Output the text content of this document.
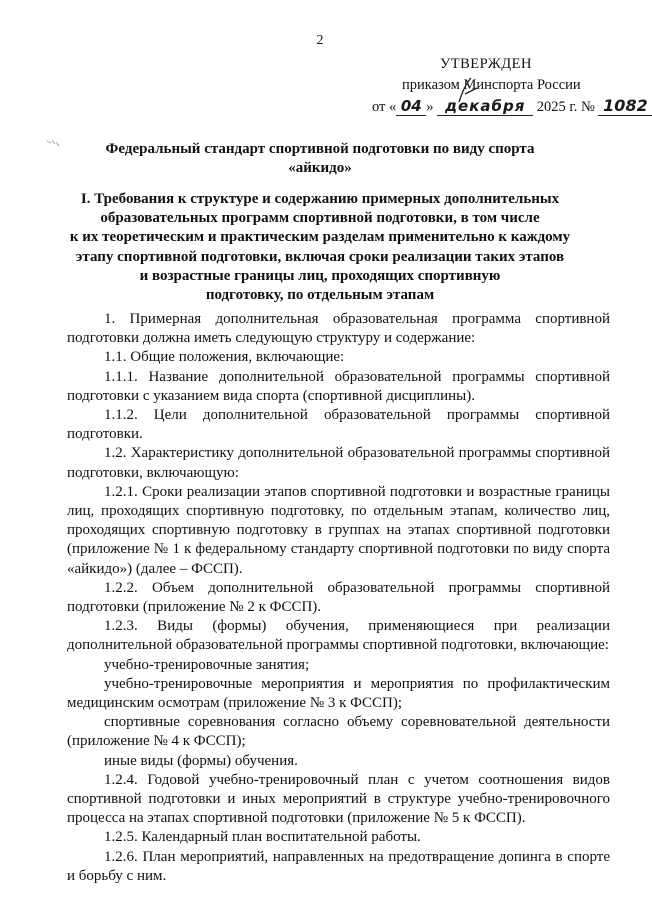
2
УТВЕРЖДЕН
приказом Минспорта России
от « 04 » декабря 2025 г. № 1082
Федеральный стандарт спортивной подготовки по виду спорта
«айкидо»
I. Требования к структуре и содержанию примерных дополнительных
образовательных программ спортивной подготовки, в том числе
к их теоретическим и практическим разделам применительно к каждому
этапу спортивной подготовки, включая сроки реализации таких этапов
и возрастные границы лиц, проходящих спортивную
подготовку, по отдельным этапам

1. Примерная дополнительная образовательная программа спортивной подготовки должна иметь следующую структуру и содержание:

1.1. Общие положения, включающие:

1.1.1. Название дополнительной образовательной программы спортивной подготовки с указанием вида спорта (спортивной дисциплины).

1.1.2. Цели дополнительной образовательной программы спортивной подготовки.

1.2. Характеристику дополнительной образовательной программы спортивной подготовки, включающую:

1.2.1. Сроки реализации этапов спортивной подготовки и возрастные границы лиц, проходящих спортивную подготовку, по отдельным этапам, количество лиц, проходящих спортивную подготовку в группах на этапах спортивной подготовки (приложение № 1 к федеральному стандарту спортивной подготовки по виду спорта «айкидо») (далее – ФССП).

1.2.2. Объем дополнительной образовательной программы спортивной подготовки (приложение № 2 к ФССП).

1.2.3. Виды (формы) обучения, применяющиеся при реализации дополнительной образовательной программы спортивной подготовки, включающие:

учебно-тренировочные занятия;

учебно-тренировочные мероприятия и мероприятия по профилактическим медицинским осмотрам (приложение № 3 к ФССП);

спортивные соревнования согласно объему соревновательной деятельности (приложение № 4 к ФССП);

иные виды (формы) обучения.

1.2.4. Годовой учебно-тренировочный план с учетом соотношения видов спортивной подготовки и иных мероприятий в структуре учебно-тренировочного процесса на этапах спортивной подготовки (приложение № 5 к ФССП).

1.2.5. Календарный план воспитательной работы.

1.2.6. План мероприятий, направленных на предотвращение допинга в спорте и борьбу с ним.
